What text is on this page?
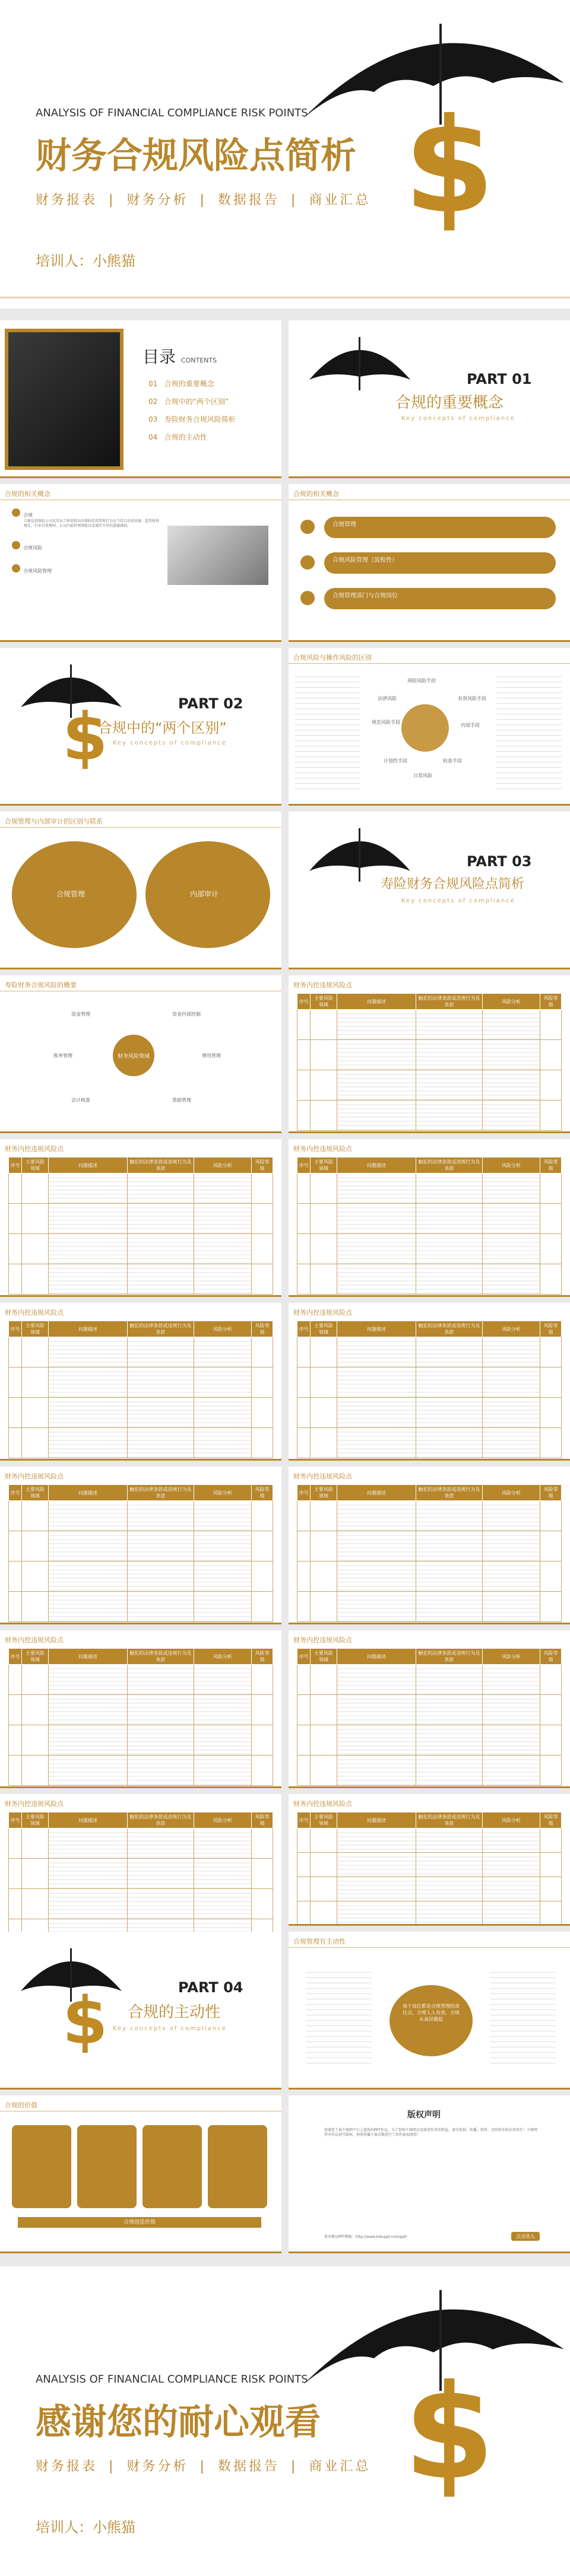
$
ANALYSIS OF FINANCIAL COMPLIANCE RISK POINTS
财务合规风险点简析
财务报表 | 财务分析 | 数据报告 | 商业汇总
培训人：小熊猫
目录 CONTENTS
01 合规的重要概念
02 合规中的“两个区别”
03 寿险财务合规风险简析
04 合规的主动性
PART 01
合规的重要概念
Key concepts of compliance
合规的相关概念
合规
合规是指保险公司及其员工和营销员的保险经营管理行为应当符合法律法规、监管机构规定、行业自律规则、公司内部管理制度以及诚实守信的道德准则。
合规风险
合规风险管理
合规的相关概念
合规管理
合规风险管理（流程性）
合规管理部门与合规岗位
$	PART 02
合规中的“两个区别”
Key concepts of compliance
合规风险与操作风险的区别
预防风险手段
法律风险	有效风险手段
规范风险手段
内部手段
计划性手段	检查手段
日常风险
合规管理与内部审计的区别与联系
合规管理	内部审计
PART 03
寿险财务合规风险点简析
Key concepts of compliance
寿险财务合规风险的概要
财务风险领域
资金管理	资金内部控制
费用管理
账务管理
会计核算	票据管理
财务内控违规风险点
序号	主要风险领域	问题描述	触犯的法律条款或违规行为及条款	风险分析	风险等级

财务内控违规风险点
序号	主要风险领域	问题描述	触犯的法律条款或违规行为及条款	风险分析	风险等级

财务内控违规风险点
序号	主要风险领域	问题描述	触犯的法律条款或违规行为及条款	风险分析	风险等级

财务内控违规风险点
序号	主要风险领域	问题描述	触犯的法律条款或违规行为及条款	风险分析	风险等级

财务内控违规风险点
序号	主要风险领域	问题描述	触犯的法律条款或违规行为及条款	风险分析	风险等级

财务内控违规风险点
序号	主要风险领域	问题描述	触犯的法律条款或违规行为及条款	风险分析	风险等级

财务内控违规风险点
序号	主要风险领域	问题描述	触犯的法律条款或违规行为及条款	风险分析	风险等级

财务内控违规风险点
序号	主要风险领域	问题描述	触犯的法律条款或违规行为及条款	风险分析	风险等级

财务内控违规风险点
序号	主要风险领域	问题描述	触犯的法律条款或违规行为及条款	风险分析	风险等级

财务内控违规风险点
序号	主要风险领域	问题描述	触犯的法律条款或违规行为及条款	风险分析	风险等级

财务内控违规风险点
序号	主要风险领域	问题描述	触犯的法律条款或违规行为及条款	风险分析	风险等级

$	PART 04
合规的主动性
Key concepts of compliance
合规管理有主动性
每个岗位都是合规管理的责任点，合规人人有责，合规从高层做起
合规的价值
合规创造价值
版权声明
感谢您下载千图网平台上提供的PPT作品，为了您和千图网以及原创作者的利益，请勿复制、传播、销售，否则将承担法律责任！千图网将对作品进行维权，按照传播下载次数进行十倍的索取赔偿！
更多精品PPT模板：http://www.tukuppt.com/ppt/	点击进入
$
ANALYSIS OF FINANCIAL COMPLIANCE RISK POINTS
感谢您的耐心观看
财务报表 | 财务分析 | 数据报告 | 商业汇总
培训人：小熊猫
